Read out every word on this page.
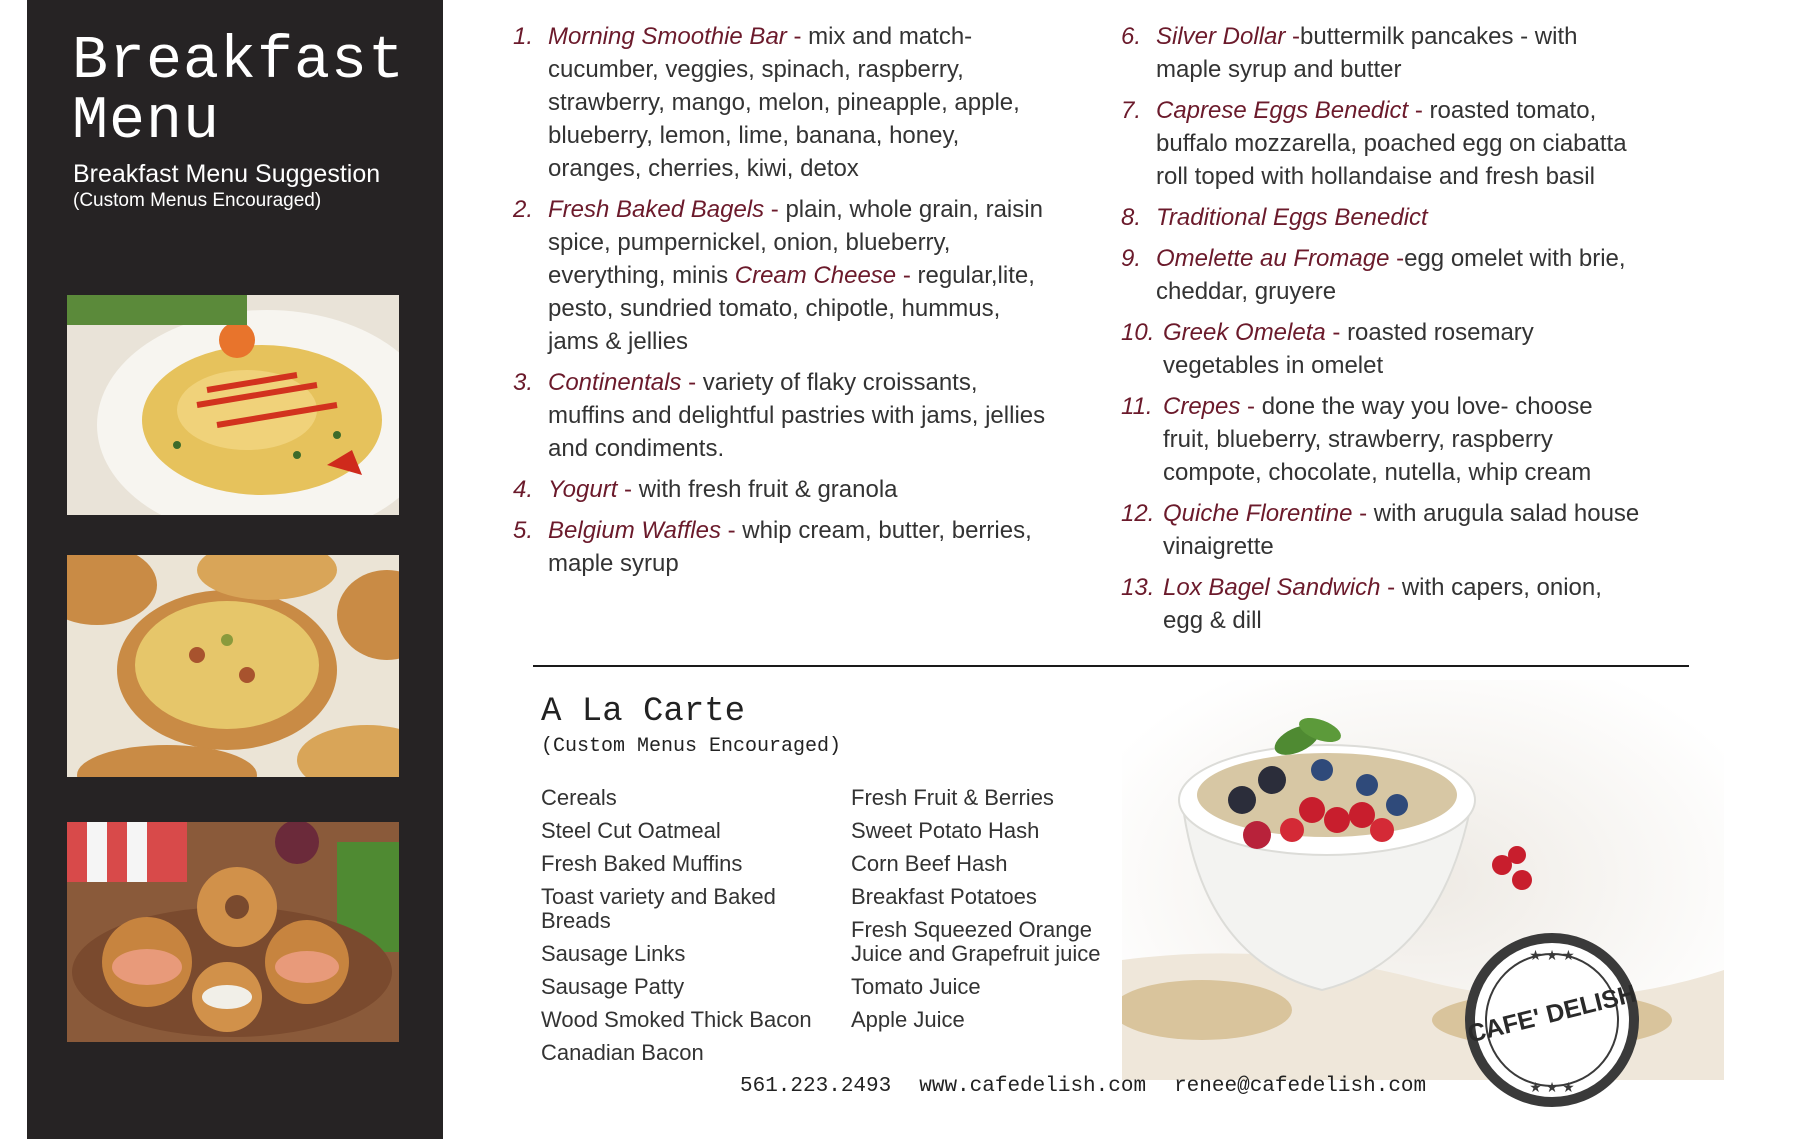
Breakfast
Menu
Breakfast Menu Suggestion
(Custom Menus Encouraged)
1. Morning Smoothie Bar - mix and match- cucumber, veggies, spinach, raspberry, strawberry, mango, melon, pineapple, apple, blueberry, lemon, lime, banana, honey, oranges, cherries, kiwi, detox
2. Fresh Baked Bagels - plain, whole grain, raisin spice, pumpernickel, onion, blueberry, everything, minis Cream Cheese - regular,lite, pesto, sundried tomato, chipotle, hummus, jams & jellies
3. Continentals - variety of flaky croissants, muffins and delightful pastries with jams, jellies and condiments.
4. Yogurt - with fresh fruit & granola
5. Belgium Waffles - whip cream, butter, berries, maple syrup
6. Silver Dollar -buttermilk pancakes - with maple syrup and butter
7. Caprese Eggs Benedict - roasted tomato, buffalo mozzarella, poached egg on ciabatta roll toped with hollandaise and fresh basil
8. Traditional Eggs Benedict
9. Omelette au Fromage -egg omelet with brie, cheddar, gruyere
10. Greek Omeleta - roasted rosemary vegetables in omelet
11. Crepes - done the way you love- choose fruit, blueberry, strawberry, raspberry compote, chocolate, nutella, whip cream
12. Quiche Florentine - with arugula salad house vinaigrette
13. Lox Bagel Sandwich - with capers, onion, egg & dill
A La Carte
(Custom Menus Encouraged)
Cereals
Steel Cut Oatmeal
Fresh Baked Muffins
Toast variety and Baked Breads
Sausage Links
Sausage Patty
Wood Smoked Thick Bacon
Canadian Bacon
Fresh Fruit & Berries
Sweet Potato Hash
Corn Beef Hash
Breakfast Potatoes
Fresh Squeezed Orange Juice and Grapefruit juice
Tomato Juice
Apple Juice
★ ★ ★
★ ★ ★
CAFE' DELISH
561.223.2493 www.cafedelish.com renee@cafedelish.com
